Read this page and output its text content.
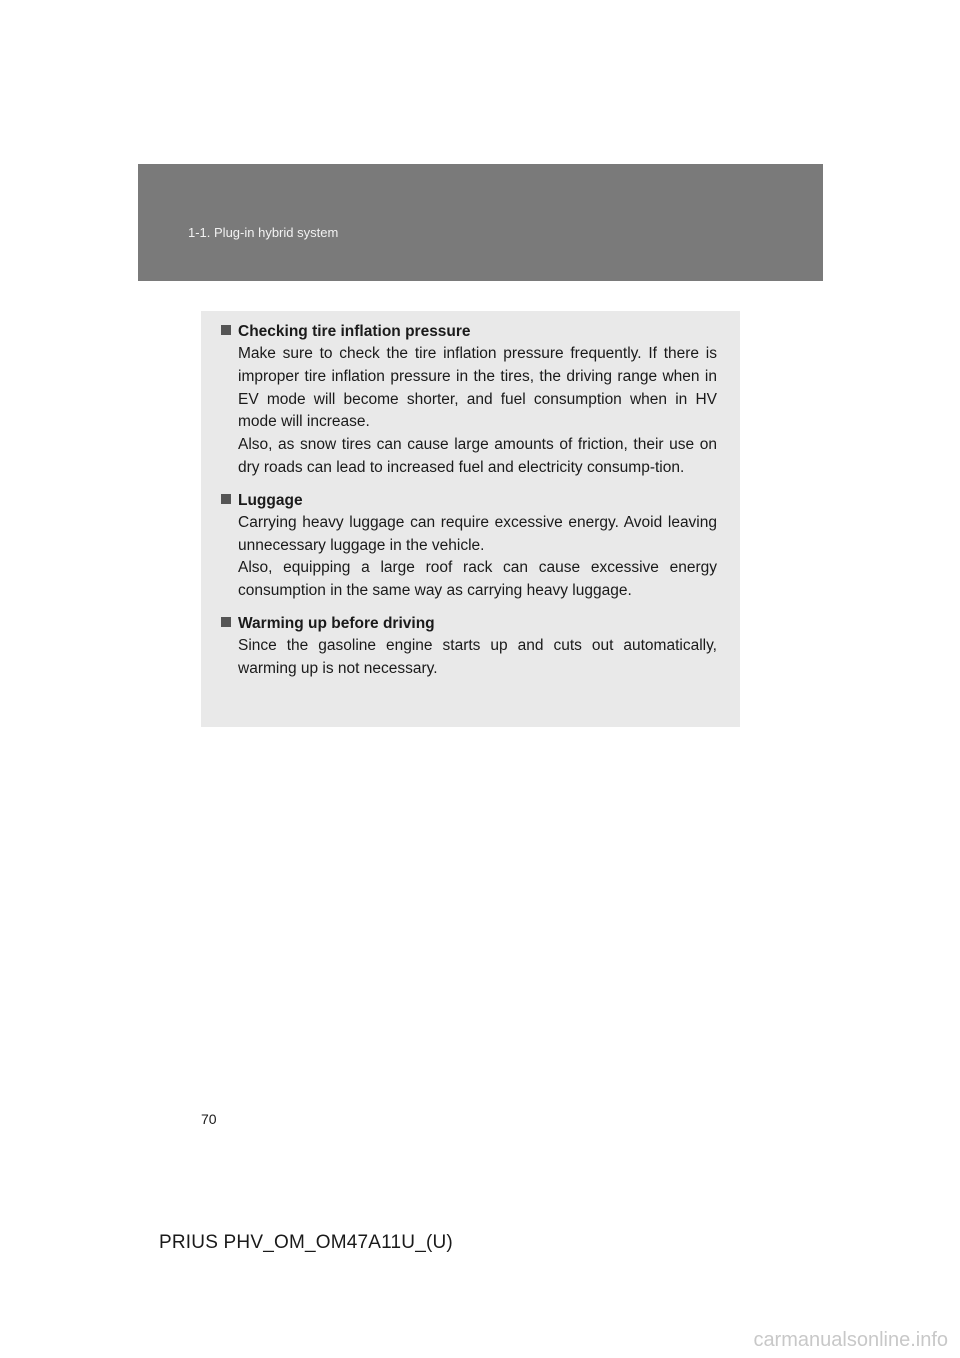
1-1. Plug-in hybrid system
Checking tire inflation pressure

Make sure to check the tire inflation pressure frequently. If there is improper tire inflation pressure in the tires, the driving range when in EV mode will become shorter, and fuel consumption when in HV mode will increase.

Also, as snow tires can cause large amounts of friction, their use on dry roads can lead to increased fuel and electricity consump-tion.

Luggage

Carrying heavy luggage can require excessive energy. Avoid leaving unnecessary luggage in the vehicle.

Also, equipping a large roof rack can cause excessive energy consumption in the same way as carrying heavy luggage.

Warming up before driving

Since the gasoline engine starts up and cuts out automatically, warming up is not necessary.

70
PRIUS PHV_OM_OM47A11U_(U)
carmanualsonline.info
